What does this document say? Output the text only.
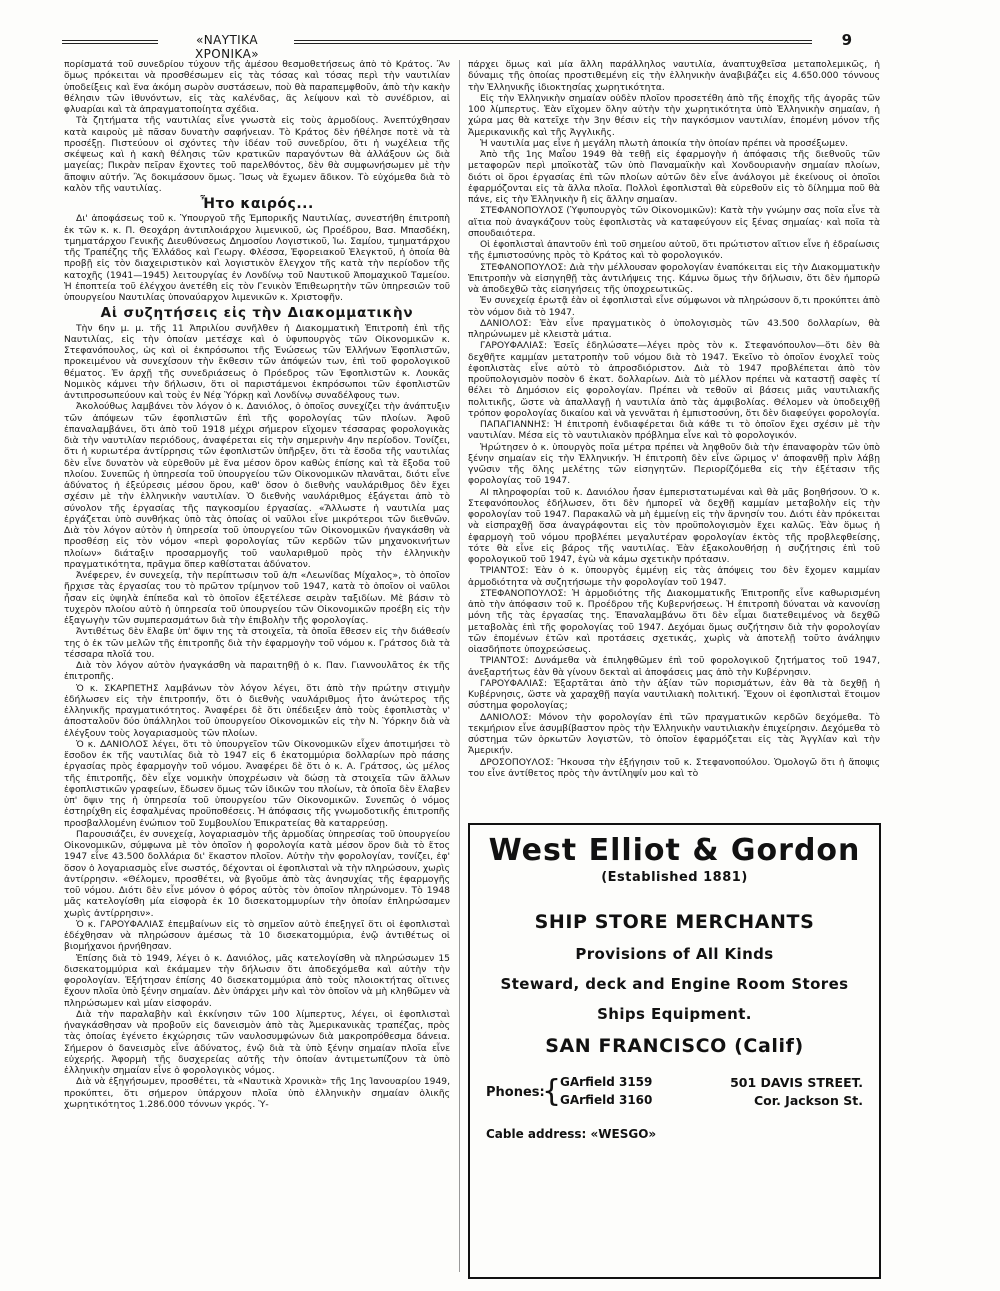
«ΝΑΥΤΙΚΑ ΧΡΟΝΙΚΑ»
9

πορίσματά τοῦ συνεδρίου τύχουν τῆς ἀμέσου θεσμοθετήσεως ἀπὸ τὸ Κράτος. Ἂν ὅμως πρόκειται νὰ προσθέσωμεν εἰς τὰς τόσας καὶ τόσας περὶ τὴν ναυτιλίαν ὑποδείξεις καὶ ἕνα ἀκόμη σωρὸν συστάσεων, ποὺ θὰ παραπεμφθοῦν, ἀπὸ τὴν κακὴν θέλησιν τῶν ἰθυνόντων, εἰς τὰς καλένδας, ἂς λείψουν καὶ τὸ συνέδριον, αἱ φλυαρίαι καὶ τὰ ἀπραγματοποίητα σχέδια.

Τὰ ζητήματα τῆς ναυτιλίας εἶνε γνωστὰ εἰς τοὺς ἁρμοδίους. Ἀνεπτύχθησαν κατὰ καιροὺς μὲ πᾶσαν δυνατὴν σαφήνειαν. Τὸ Κράτος δὲν ἠθέλησε ποτὲ νὰ τὰ προσέξῃ. Πιστεύουν οἱ σχόντες τὴν ἰδέαν τοῦ συνεδρίου, ὅτι ἡ νωχέλεια τῆς σκέψεως καὶ ἡ κακὴ θέλησις τῶν κρατικῶν παραγόντων θὰ ἀλλάξουν ὡς διὰ μαγείας; Πικρὰν πεῖραν ἔχοντες τοῦ παρελθόντος, δὲν θὰ συμφωνήσωμεν μὲ τὴν ἄποψιν αὐτήν. Ἂς δοκιμάσουν ὅμως. Ἴσως νὰ ἔχωμεν ἄδικον. Τὸ εὐχόμεθα διὰ τὸ καλὸν τῆς ναυτιλίας.

Ἦτο καιρός...

Δι' ἀποφάσεως τοῦ κ. Ὑπουργοῦ τῆς Ἐμπορικῆς Ναυτιλίας, συνεστήθη ἐπιτροπὴ ἐκ τῶν κ. κ. Π. Θεοχάρη ἀντιπλοιάρχου λιμενικοῦ, ὡς Προέδρου, Βασ. Μπασδέκη, τμηματάρχου Γενικῆς Διευθύνσεως Δημοσίου Λογιστικοῦ, Ἰω. Σαμίου, τμηματάρχου τῆς Τραπέζης τῆς Ἑλλάδος καὶ Γεωργ. Φλέσσα, Ἐφορειακοῦ Ἐλεγκτοῦ, ἡ ὁποία θὰ προβῇ εἰς τὸν διαχειριστικὸν καὶ λογιστικὸν ἔλεγχον τῆς κατὰ τὴν περίοδον τῆς κατοχῆς (1941—1945) λειτουργίας ἐν Λονδίνῳ τοῦ Ναυτικοῦ Ἀπομαχικοῦ Ταμείου. Ἡ ἐποπτεία τοῦ ἐλέγχου ἀνετέθη εἰς τὸν Γενικὸν Ἐπιθεωρητὴν τῶν ὑπηρεσιῶν τοῦ ὑπουργείου Ναυτιλίας ὑποναύαρχον λιμενικῶν κ. Χριστοφῆν.

Αἱ συζητήσεις εἰς τὴν Διακομματικὴν

Τὴν 6ην μ. μ. τῆς 11 Ἀπριλίου συνῆλθεν ἡ Διακομματικὴ Ἐπιτροπὴ ἐπὶ τῆς Ναυτιλίας, εἰς τὴν ὁποίαν μετέσχε καὶ ὁ ὑφυπουργὸς τῶν Οἰκονομικῶν κ. Στεφανόπουλος, ὡς καὶ οἱ ἐκπρόσωποι τῆς Ἑνώσεως τῶν Ἑλλήνων Ἐφοπλιστῶν, προκειμένου νὰ συνεχίσουν τὴν ἔκθεσιν τῶν ἀπόψεών των, ἐπὶ τοῦ φορολογικοῦ θέματος. Ἐν ἀρχῇ τῆς συνεδριάσεως ὁ Πρόεδρος τῶν Ἐφοπλιστῶν κ. Λουκᾶς Νομικὸς κάμνει τὴν δήλωσιν, ὅτι οἱ παριστάμενοι ἐκπρόσωποι τῶν ἐφοπλιστῶν ἀντιπροσωπεύουν καὶ τοὺς ἐν Νέᾳ Ὑόρκῃ καὶ Λονδίνῳ συναδέλφους των.

Ἀκολούθως λαμβάνει τὸν λόγον ὁ κ. Δανιόλος, ὁ ὁποῖος συνεχίζει τὴν ἀνάπτυξιν τῶν ἀπόψεων τῶν ἐφοπλιστῶν ἐπὶ τῆς φορολογίας τῶν πλοίων. Ἀφοῦ ἐπαναλαμβάνει, ὅτι ἀπὸ τοῦ 1918 μέχρι σήμερον εἴχομεν τέσσαρας φορολογικὰς διὰ τὴν ναυτιλίαν περιόδους, ἀναφέρεται εἰς τὴν σημερινὴν 4ην περίοδον. Τονίζει, ὅτι ἡ κυριωτέρα ἀντίρρησις τῶν ἐφοπλιστῶν ὑπῆρξεν, ὅτι τὰ ἔσοδα τῆς ναυτιλίας δὲν εἶνε δυνατὸν νὰ εὑρεθοῦν μὲ ἕνα μέσον ὅρον καθὼς ἐπίσης καὶ τὰ ἔξοδα τοῦ πλοίου. Συνεπῶς ἡ ὑπηρεσία τοῦ ὑπουργείου τῶν Οἰκονομικῶν πλανᾶται, διότι εἶνε ἀδύνατος ἡ ἐξεύρεσις μέσου ὅρου, καθ' ὅσον ὁ διεθνὴς ναυλάριθμος δὲν ἔχει σχέσιν μὲ τὴν ἑλληνικὴν ναυτιλίαν. Ὁ διεθνὴς ναυλάριθμος ἐξάγεται ἀπὸ τὸ σύνολον τῆς ἐργασίας τῆς παγκοσμίου ἐργασίας. «Ἄλλωστε ἡ ναυτιλία μας ἐργάζεται ὑπὸ συνθήκας ὑπὸ τὰς ὁποίας οἱ ναῦλοι εἶνε μικρότεροι τῶν διεθνῶν. Διὰ τὸν λόγον αὐτὸν ἡ ὑπηρεσία τοῦ ὑπουργείου τῶν Οἰκονομικῶν ἠναγκάσθη νὰ προσθέσῃ εἰς τὸν νόμον «περὶ φορολογίας τῶν κερδῶν τῶν μηχανοκινήτων πλοίων» διάταξιν προσαρμογῆς τοῦ ναυλαριθμοῦ πρὸς τὴν ἑλληνικὴν πραγματικότητα, πρᾶγμα ὅπερ καθίσταται ἀδύνατον.

Ἀνέφερεν, ἐν συνεχείᾳ, τὴν περίπτωσιν τοῦ ἀ/π «Λεωνίδας Μίχαλος», τὸ ὁποῖον ἤρχισε τὰς ἐργασίας του τὸ πρῶτον τρίμηνον τοῦ 1947, κατὰ τὸ ὁποῖον οἱ ναῦλοι ἦσαν εἰς ὑψηλὰ ἐπίπεδα καὶ τὸ ὁποῖον ἐξετέλεσε σειρὰν ταξιδίων. Μὲ βάσιν τὸ τυχερὸν πλοίου αὐτὸ ἡ ὑπηρεσία τοῦ ὑπουργείου τῶν Οἰκονομικῶν προέβη εἰς τὴν ἐξαγωγὴν τῶν συμπερασμάτων διὰ τὴν ἐπιβολὴν τῆς φορολογίας.

Ἀντιθέτως δὲν ἔλαβε ὑπ' ὄψιν της τὰ στοιχεῖα, τὰ ὁποῖα ἔθεσεν εἰς τὴν διάθεσίν της ὁ ἐκ τῶν μελῶν τῆς ἐπιτροπῆς διὰ τὴν ἐφαρμογὴν τοῦ νόμου κ. Γράτσος διὰ τὰ τέσσαρα πλοῖά του.

Διὰ τὸν λόγον αὐτὸν ἠναγκάσθη νὰ παραιτηθῇ ὁ κ. Παν. Γιαννουλᾶτος ἐκ τῆς ἐπιτροπῆς.

Ὁ κ. ΣΚΑΡΠΕΤΗΣ λαμβάνων τὸν λόγον λέγει, ὅτι ἀπὸ τὴν πρώτην στιγμὴν ἐδήλωσεν εἰς τὴν ἐπιτροπήν, ὅτι ὁ διεθνὴς ναυλάριθμος ἦτο ἀνώτερος τῆς ἑλληνικῆς πραγματικότητος. Ἀναφέρει δὲ ὅτι ὑπέδειξεν ἀπὸ τοὺς ἐφοπλιστὰς ν' ἀποσταλοῦν δύο ὑπάλληλοι τοῦ ὑπουργείου Οἰκονομικῶν εἰς τὴν Ν. Ὑόρκην διὰ νὰ ἐλέγξουν τοὺς λογαριασμοὺς τῶν πλοίων.

Ὁ κ. ΔΑΝΙΟΛΟΣ λέγει, ὅτι τὸ ὑπουργεῖον τῶν Οἰκονομικῶν εἶχεν ἀποτιμήσει τὸ ἔσοδον ἐκ τῆς ναυτιλίας διὰ τὸ 1947 εἰς 6 ἑκατομμύρια δολλαρίων πρὸ πάσης ἐργασίας πρὸς ἐφαρμογὴν τοῦ νόμου. Ἀναφέρει δὲ ὅτι ὁ κ. Α. Γράτσος, ὡς μέλος τῆς ἐπιτροπῆς, δὲν εἶχε νομικὴν ὑποχρέωσιν νὰ δώσῃ τὰ στοιχεῖα τῶν ἄλλων ἐφοπλιστικῶν γραφείων, ἔδωσεν ὅμως τῶν ἰδικῶν του πλοίων, τὰ ὁποῖα δὲν ἔλαβεν ὑπ' ὄψιν της ἡ ὑπηρεσία τοῦ ὑπουργείου τῶν Οἰκονομικῶν. Συνεπῶς ὁ νόμος ἐστηρίχθη εἰς ἐσφαλμένας προϋποθέσεις. Ἡ ἀπόφασις τῆς γνωμοδοτικῆς ἐπιτροπῆς προσβαλλομένη ἐνώπιον τοῦ Συμβουλίου Ἐπικρατείας θὰ καταρρεύσῃ.

Παρουσιάζει, ἐν συνεχείᾳ, λογαριασμὸν τῆς ἁρμοδίας ὑπηρεσίας τοῦ ὑπουργείου Οἰκονομικῶν, σύμφωνα μὲ τὸν ὁποῖον ἡ φορολογία κατὰ μέσον ὅρον διὰ τὸ ἔτος 1947 εἶνε 43.500 δολλάρια δι' ἕκαστον πλοῖον. Αὐτὴν τὴν φορολογίαν, τονίζει, ἐφ' ὅσον ὁ λογαριασμὸς εἶνε σωστός, δέχονται οἱ ἐφοπλισταὶ νὰ τὴν πληρώσουν, χωρὶς ἀντίρρησιν. «Θέλομεν, προσθέτει, νὰ βγοῦμε ἀπὸ τὰς ἀνησυχίας τῆς ἐφαρμογῆς τοῦ νόμου. Διότι δὲν εἶνε μόνον ὁ φόρος αὐτὸς τὸν ὁποῖον πληρώνομεν. Τὸ 1948 μᾶς κατελογίσθη μία εἰσφορὰ ἐκ 10 δισεκατομμυρίων τὴν ὁποίαν ἐπληρώσαμεν χωρὶς ἀντίρρησιν».

Ὁ κ. ΓΑΡΟΥΦΑΛΙΑΣ ἐπεμβαίνων εἰς τὸ σημεῖον αὐτὸ ἐπεξηγεῖ ὅτι οἱ ἐφοπλισταὶ ἐδέχθησαν νὰ πληρώσουν ἀμέσως τὰ 10 δισεκατομμύρια, ἐνῷ ἀντιθέτως οἱ βιομήχανοι ἠρνήθησαν.

Ἐπίσης διὰ τὸ 1949, λέγει ὁ κ. Δανιόλος, μᾶς κατελογίσθη νὰ πληρώσωμεν 15 δισεκατομμύρια καὶ ἐκάμαμεν τὴν δήλωσιν ὅτι ἀποδεχόμεθα καὶ αὐτὴν τὴν φορολογίαν. Ἐξήτησαν ἐπίσης 40 δισεκατομμύρια ἀπὸ τοὺς πλοιοκτήτας οἵτινες ἔχουν πλοῖα ὑπὸ ξένην σημαίαν. Δὲν ὑπάρχει μὴν καὶ τὸν ὁποῖον νὰ μὴ κληθῶμεν νὰ πληρώσωμεν καὶ μίαν εἰσφοράν.

Διὰ τὴν παραλαβὴν καὶ ἐκκίνησιν τῶν 100 λίμπερτυς, λέγει, οἱ ἐφοπλισταὶ ἠναγκάσθησαν νὰ προβοῦν εἰς δανεισμὸν ἀπὸ τὰς Ἀμερικανικὰς τραπέζας, πρὸς τὰς ὁποίας ἐγένετο ἐκχώρησις τῶν ναυλοσυμφώνων διὰ μακροπρόθεσμα δάνεια. Σήμερον ὁ δανεισμὸς εἶνε ἀδύνατος, ἐνῷ διὰ τὰ ὑπὸ ξένην σημαίαν πλοῖα εἶνε εὐχερής. Ἀφορμὴ τῆς δυσχερείας αὐτῆς τὴν ὁποίαν ἀντιμετωπίζουν τὰ ὑπὸ ἑλληνικὴν σημαίαν εἶνε ὁ φορολογικὸς νόμος.

Διὰ νὰ ἐξηγήσωμεν, προσθέτει, τὰ «Ναυτικὰ Χρονικὰ» τῆς 1ης Ἰανουαρίου 1949, προκύπτει, ὅτι σήμερον ὑπάρχουν πλοῖα ὑπὸ ἑλληνικὴν σημαίαν ὁλικῆς χωρητικότητος 1.286.000 τόννων γκρός. Ὑ-

πάρχει ὅμως καὶ μία ἄλλη παράλληλος ναυτιλία, ἀναπτυχθεῖσα μεταπολεμικῶς, ἡ δύναμις τῆς ὁποίας προστιθεμένη εἰς τὴν ἑλληνικὴν ἀναβιβάζει εἰς 4.650.000 τόννους τὴν Ἑλληνικῆς ἰδιοκτησίας χωρητικότητα.

Εἰς τὴν Ἑλληνικὴν σημαίαν οὐδὲν πλοῖον προσετέθη ἀπὸ τῆς ἐποχῆς τῆς ἀγορᾶς τῶν 100 λίμπερτυς. Ἐὰν εἴχομεν ὅλην αὐτὴν τὴν χωρητικότητα ὑπὸ Ἑλληνικὴν σημαίαν, ἡ χώρα μας θὰ κατεῖχε τὴν 3ην θέσιν εἰς τὴν παγκόσμιον ναυτιλίαν, ἐπομένη μόνον τῆς Ἀμερικανικῆς καὶ τῆς Ἀγγλικῆς.

Ἡ ναυτιλία μας εἶνε ἡ μεγάλη πλωτὴ ἀποικία τὴν ὁποίαν πρέπει νὰ προσέξωμεν.

Ἀπὸ τῆς 1ης Μαΐου 1949 θὰ τεθῇ εἰς ἐφαρμογὴν ἡ ἀπόφασις τῆς διεθνοῦς τῶν μεταφορῶν περὶ μποϊκοτὰζ τῶν ὑπὸ Παναμαϊκὴν καὶ Χονδουριανὴν σημαίαν πλοίων, διότι οἱ ὅροι ἐργασίας ἐπὶ τῶν πλοίων αὐτῶν δὲν εἶνε ἀνάλογοι μὲ ἐκείνους οἱ ὁποῖοι ἐφαρμόζονται εἰς τὰ ἄλλα πλοῖα. Πολλοὶ ἐφοπλισταὶ θὰ εὑρεθοῦν εἰς τὸ δίλημμα ποῦ θὰ πάνε, εἰς τὴν Ἑλληνικὴν ἢ εἰς ἄλλην σημαίαν.

ΣΤΕΦΑΝΟΠΟΥΛΟΣ (Ὑφυπουργὸς τῶν Οἰκονομικῶν): Κατὰ τὴν γνώμην σας ποῖα εἶνε τὰ αἴτια ποὺ ἀναγκάζουν τοὺς ἐφοπλιστὰς νὰ καταφεύγουν εἰς ξένας σημαίας· καὶ ποῖα τὰ σπουδαιότερα.

Οἱ ἐφοπλισταὶ ἀπαντοῦν ἐπὶ τοῦ σημείου αὐτοῦ, ὅτι πρώτιστον αἴτιον εἶνε ἡ ἑδραίωσις τῆς ἐμπιστοσύνης πρὸς τὸ Κράτος καὶ τὸ φορολογικόν.

ΣΤΕΦΑΝΟΠΟΥΛΟΣ: Διὰ τὴν μέλλουσαν φορολογίαν ἐναπόκειται εἰς τὴν Διακομματικὴν Ἐπιτροπὴν νὰ εἰσηγηθῇ τὰς ἀντιλήψεις της. Κάμνω ὅμως τὴν δήλωσιν, ὅτι δὲν ἠμπορῶ νὰ ἀποδεχθῶ τὰς εἰσηγήσεις τῆς ὑποχρεωτικῶς.

Ἐν συνεχείᾳ ἐρωτᾷ ἐὰν οἱ ἐφοπλισταὶ εἶνε σύμφωνοι νὰ πληρώσουν ὅ,τι προκύπτει ἀπὸ τὸν νόμον διὰ τὸ 1947.

ΔΑΝΙΟΛΟΣ: Ἐὰν εἶνε πραγματικὸς ὁ ὑπολογισμὸς τῶν 43.500 δολλαρίων, θὰ πληρώνωμεν μὲ κλειστὰ μάτια.

ΓΑΡΟΥΦΑΛΙΑΣ: Ἐσεῖς ἐδηλώσατε—λέγει πρὸς τὸν κ. Στεφανόπουλον—ὅτι δὲν θὰ δεχθῆτε καμμίαν μετατροπὴν τοῦ νόμου διὰ τὸ 1947. Ἐκεῖνο τὸ ὁποῖον ἐνοχλεῖ τοὺς ἐφοπλιστὰς εἶνε αὐτὸ τὸ ἀπροσδιόριστον. Διὰ τὸ 1947 προβλέπεται ἀπὸ τὸν προϋπολογισμὸν ποσὸν 6 ἑκατ. δολλαρίων. Διὰ τὸ μέλλον πρέπει νὰ καταστῇ σαφὲς τί θέλει τὸ Δημόσιον εἰς φορολογίαν. Πρέπει νὰ τεθοῦν αἱ βάσεις μιᾶς ναυτιλιακῆς πολιτικῆς, ὥστε νὰ ἀπαλλαγῇ ἡ ναυτιλία ἀπὸ τὰς ἀμφιβολίας. Θέλομεν νὰ ὑποδειχθῇ τρόπον φορολογίας δικαίου καὶ νὰ γεννᾶται ἡ ἐμπιστοσύνη, ὅτι δὲν διαφεύγει φορολογία.

ΠΑΠΑΓΙΑΝΝΗΣ: Ἡ ἐπιτροπὴ ἐνδιαφέρεται διὰ κάθε τι τὸ ὁποῖον ἔχει σχέσιν μὲ τὴν ναυτιλίαν. Μέσα εἰς τὸ ναυτιλιακὸν πρόβλημα εἶνε καὶ τὸ φορολογικόν.

Ἠρώτησεν ὁ κ. ὑπουργὸς ποῖα μέτρα πρέπει νὰ ληφθοῦν διὰ τὴν ἐπαναφορὰν τῶν ὑπὸ ξένην σημαίαν εἰς τὴν Ἑλληνικήν. Ἡ ἐπιτροπὴ δὲν εἶνε ὥριμος ν' ἀποφανθῇ πρὶν λάβῃ γνῶσιν τῆς ὅλης μελέτης τῶν εἰσηγητῶν. Περιορίζόμεθα εἰς τὴν ἐξέτασιν τῆς φορολογίας τοῦ 1947.

ΑΙ πληροφορίαι τοῦ κ. Δανιόλου ἦσαν ἐμπεριστατωμέναι καὶ θὰ μᾶς βοηθήσουν. Ὁ κ. Στεφανόπουλος ἐδήλωσεν, ὅτι δὲν ἠμπορεῖ νὰ δεχθῇ καμμίαν μεταβολὴν εἰς τὴν φορολογίαν τοῦ 1947. Παρακαλῶ νὰ μὴ ἐμμείνῃ εἰς τὴν ἄρνησίν του. Διότι ἐὰν πρόκειται νὰ εἰσπραχθῇ ὅσα ἀναγράφονται εἰς τὸν προϋπολογισμὸν ἔχει καλῶς. Ἐὰν ὅμως ἡ ἐφαρμογὴ τοῦ νόμου προβλέπει μεγαλυτέραν φορολογίαν ἐκτὸς τῆς προβλεφθείσης, τότε θὰ εἶνε εἰς βάρος τῆς ναυτιλίας. Ἐὰν ἐξακολουθήσῃ ἡ συζήτησις ἐπὶ τοῦ φορολογικοῦ τοῦ 1947, ἐγὼ νὰ κάμω σχετικὴν πρότασιν.

ΤΡΙΑΝΤΟΣ: Ἐὰν ὁ κ. ὑπουργὸς ἐμμένῃ εἰς τὰς ἀπόψεις του δὲν ἔχομεν καμμίαν ἁρμοδιότητα νὰ συζητήσωμε τὴν φορολογίαν τοῦ 1947.

ΣΤΕΦΑΝΟΠΟΥΛΟΣ: Ἡ ἁρμοδιότης τῆς Διακομματικῆς Ἐπιτροπῆς εἶνε καθωρισμένη ἀπὸ τὴν ἀπόφασιν τοῦ κ. Προέδρου τῆς Κυβερνήσεως. Ἡ ἐπιτροπὴ δύναται νὰ κανονίσῃ μόνη τῆς τὰς ἐργασίας της. Ἐπαναλαμβάνω ὅτι δὲν εἶμαι διατεθειμένος νὰ δεχθῶ μεταβολὰς ἐπὶ τῆς φορολογίας τοῦ 1947. Δεχόμαι ὅμως συζήτησιν διὰ τὴν φορολογίαν τῶν ἑπομένων ἐτῶν καὶ προτάσεις σχετικάς, χωρὶς νὰ ἀποτελῇ τοῦτο ἀνάληψιν οἱασδήποτε ὑποχρεώσεως.

ΤΡΙΑΝΤΟΣ: Δυνάμεθα νὰ ἐπιληφθῶμεν ἐπὶ τοῦ φορολογικοῦ ζητήματος τοῦ 1947, ἀνεξαρτήτως ἐὰν θὰ γίνουν δεκταὶ αἱ ἀποφάσεις μας ἀπὸ τὴν Κυβέρνησιν.

ΓΑΡΟΥΦΑΛΙΑΣ: Ἐξαρτᾶται ἀπὸ τὴν ἀξίαν τῶν πορισμάτων, ἐὰν θὰ τὰ δεχθῇ ἡ Κυβέρνησις, ὥστε νὰ χαραχθῇ παγία ναυτιλιακὴ πολιτική. Ἔχουν οἱ ἐφοπλισταὶ ἕτοιμον σύστημα φορολογίας;

ΔΑΝΙΟΛΟΣ: Μόνον τὴν φορολογίαν ἐπὶ τῶν πραγματικῶν κερδῶν δεχόμεθα. Τὸ τεκμήριον εἶνε ἀσυμβίβαστον πρὸς τὴν Ἑλληνικὴν ναυτιλιακὴν ἐπιχείρησιν. Δεχόμεθα τὸ σύστημα τῶν ὁρκωτῶν λογιστῶν, τὸ ὁποῖον ἐφαρμόζεται εἰς τὰς Ἀγγλίαν καὶ τὴν Ἀμερικήν.

ΔΡΟΣΟΠΟΥΛΟΣ: Ἤκουσα τὴν ἐξήγησιν τοῦ κ. Στεφανοπούλου. Ὁμολογῶ ὅτι ἡ ἄποψις του εἶνε ἀντίθετος πρὸς τὴν ἀντίληψίν μου καὶ τὸ

West Elliot & Gordon
(Established 1881)
SHIP STORE MERCHANTS
Provisions of All Kinds
Steward, deck and Engine Room Stores
Ships Equipment.
SAN FRANCISCO (Calif)
Phones:
{
GArfield 3159
GArfield 3160
501 DAVIS STREET.
Cor. Jackson St.
Cable address: «WESGO»
